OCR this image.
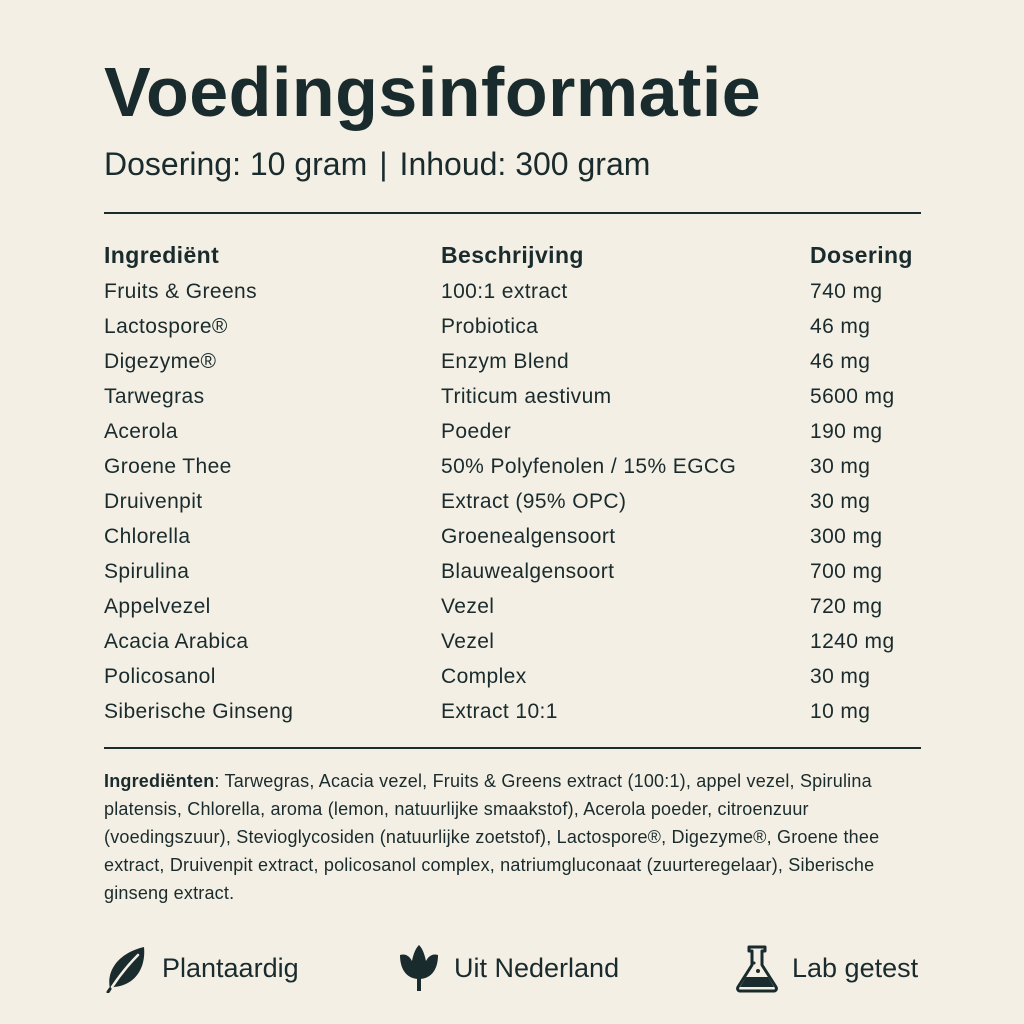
Voedingsinformatie
Dosering: 10 gram | Inhoud: 300 gram
Ingrediënt	Beschrijving	Dosering
Fruits & Greens	100:1 extract	740 mg
Lactospore®	Probiotica	46 mg
Digezyme®	Enzym Blend	46 mg
Tarwegras	Triticum aestivum	5600 mg
Acerola	Poeder	190 mg
Groene Thee	50% Polyfenolen / 15% EGCG	30 mg
Druivenpit	Extract (95% OPC)	30 mg
Chlorella	Groenealgensoort	300 mg
Spirulina	Blauwealgensoort	700 mg
Appelvezel	Vezel	720 mg
Acacia Arabica	Vezel	1240 mg
Policosanol	Complex	30 mg
Siberische Ginseng	Extract 10:1	10 mg
Ingrediënten: Tarwegras, Acacia vezel, Fruits & Greens extract (100:1), appel vezel, Spirulina platensis, Chlorella, aroma (lemon, natuurlijke smaakstof), Acerola poeder, citroenzuur (voedingszuur), Stevioglycosiden (natuurlijke zoetstof), Lactospore®, Digezyme®, Groene thee extract, Druivenpit extract, policosanol complex, natriumgluconaat (zuurteregelaar), Siberische ginseng extract.
Plantaardig	Uit Nederland	Lab getest
